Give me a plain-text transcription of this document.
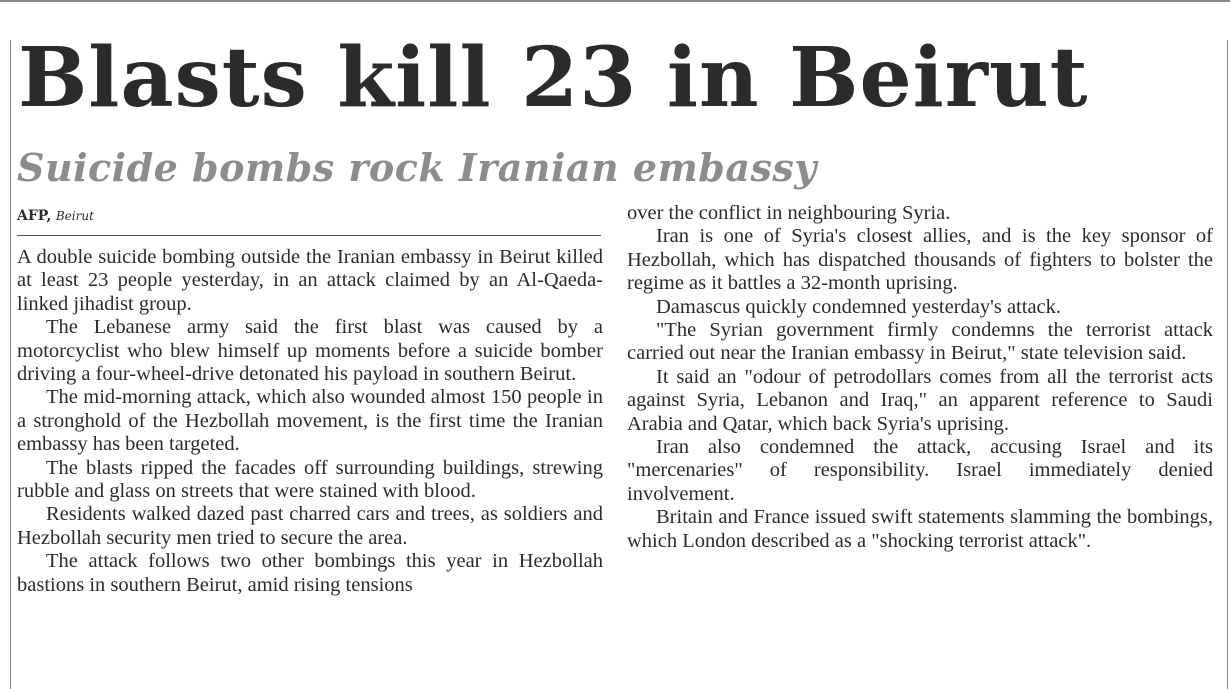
Blasts kill 23 in Beirut
Suicide bombs rock Iranian embassy
AFP, Beirut

A double suicide bombing outside the Iranian embassy in Beirut killed at least 23 people yesterday, in an attack claimed by an Al-Qaeda-linked jihadist group.

The Lebanese army said the first blast was caused by a motorcyclist who blew himself up moments before a suicide bomber driving a four-wheel-drive detonated his payload in southern Beirut.

The mid-morning attack, which also wounded almost 150 people in a stronghold of the Hezbollah movement, is the first time the Iranian embassy has been targeted.

The blasts ripped the facades off surrounding buildings, strewing rubble and glass on streets that were stained with blood.

Residents walked dazed past charred cars and trees, as soldiers and Hezbollah security men tried to secure the area.

The attack follows two other bombings this year in Hezbollah bastions in southern Beirut, amid rising tensions

over the conflict in neighbouring Syria.

Iran is one of Syria's closest allies, and is the key sponsor of Hezbollah, which has dispatched thousands of fighters to bolster the regime as it battles a 32-month uprising.

Damascus quickly condemned yesterday's attack.

"The Syrian government firmly condemns the terrorist attack carried out near the Iranian embassy in Beirut," state television said.

It said an "odour of petrodollars comes from all the terrorist acts against Syria, Lebanon and Iraq," an apparent reference to Saudi Arabia and Qatar, which back Syria's uprising.

Iran also condemned the attack, accusing Israel and its "mercenaries" of responsibility. Israel immediately denied involvement.

Britain and France issued swift statements slamming the bombings, which London described as a "shocking terrorist attack".
